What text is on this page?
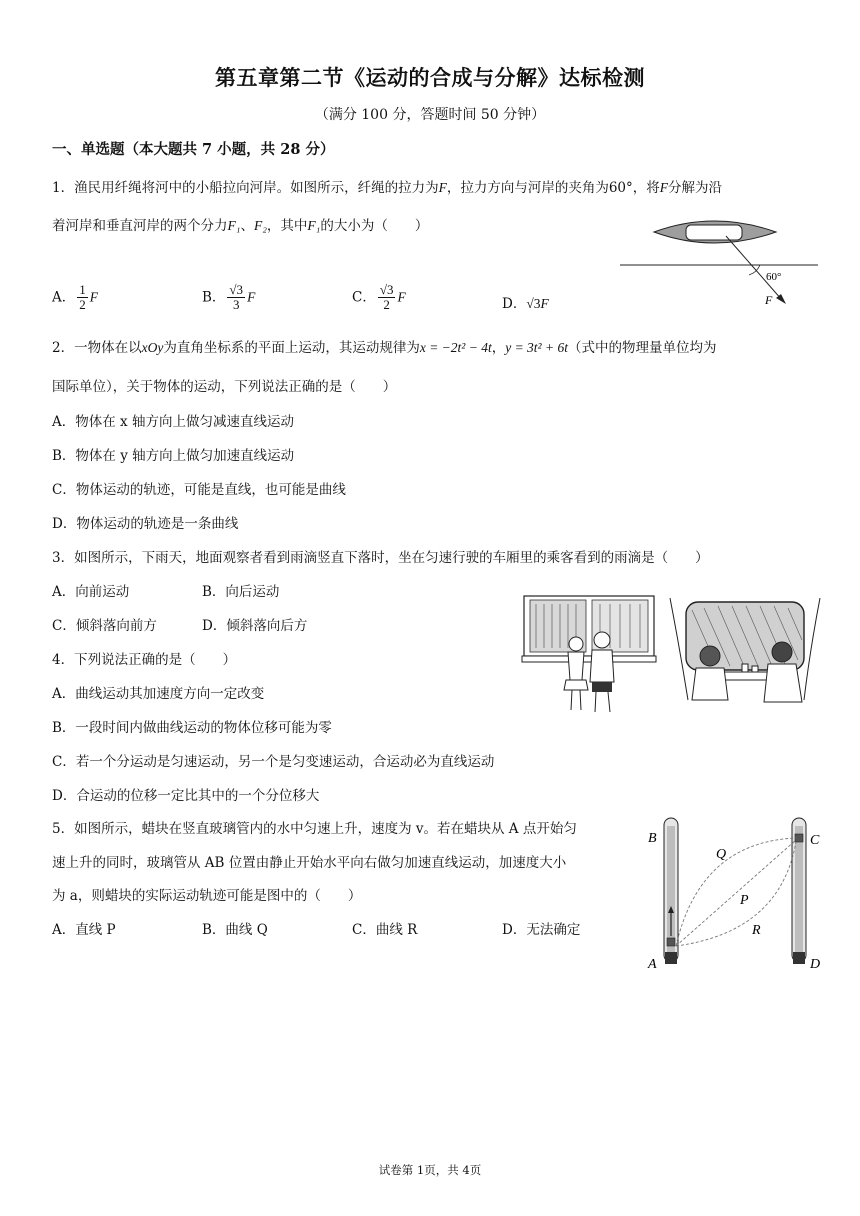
第五章第二节《运动的合成与分解》达标检测
（满分 100 分，答题时间 50 分钟）
一、单选题（本大题共 7 小题，共 28 分）
1．渔民用纤绳将河中的小船拉向河岸。如图所示，纤绳的拉力为F，拉力方向与河岸的夹角为60°，将F分解为沿
着河岸和垂直河岸的两个分力F₁、F₂，其中F₁的大小为（　　）
A． $\frac{1}{2}$ F	B． $\frac{√3}{3}$ F	C． $\frac{√3}{2}$ F	D．√3F
60°
F
2．一物体在以xOy为直角坐标系的平面上运动，其运动规律为x = −2t² − 4t，y = 3t² + 6t（式中的物理量单位均为
国际单位），关于物体的运动，下列说法正确的是（　　）
A．物体在 x 轴方向上做匀减速直线运动
B．物体在 y 轴方向上做匀加速直线运动
C．物体运动的轨迹，可能是直线，也可能是曲线
D．物体运动的轨迹是一条曲线
3．如图所示，下雨天，地面观察者看到雨滴竖直下落时，坐在匀速行驶的车厢里的乘客看到的雨滴是（　　）
A．向前运动	B．向后运动
C．倾斜落向前方	D．倾斜落向后方
4．下列说法正确的是（　　）
A．曲线运动其加速度方向一定改变
B．一段时间内做曲线运动的物体位移可能为零
C．若一个分运动是匀速运动，另一个是匀变速运动，合运动必为直线运动
D．合运动的位移一定比其中的一个分位移大
5．如图所示，蜡块在竖直玻璃管内的水中匀速上升，速度为 v。若在蜡块从 A 点开始匀
速上升的同时，玻璃管从 AB 位置由静止开始水平向右做匀加速直线运动，加速度大小
为 a，则蜡块的实际运动轨迹可能是图中的（　　）
A．直线 P	B．曲线 Q	C．曲线 R	D．无法确定
B
A
C
D
Q
P
R
试卷第 1页，共 4页
